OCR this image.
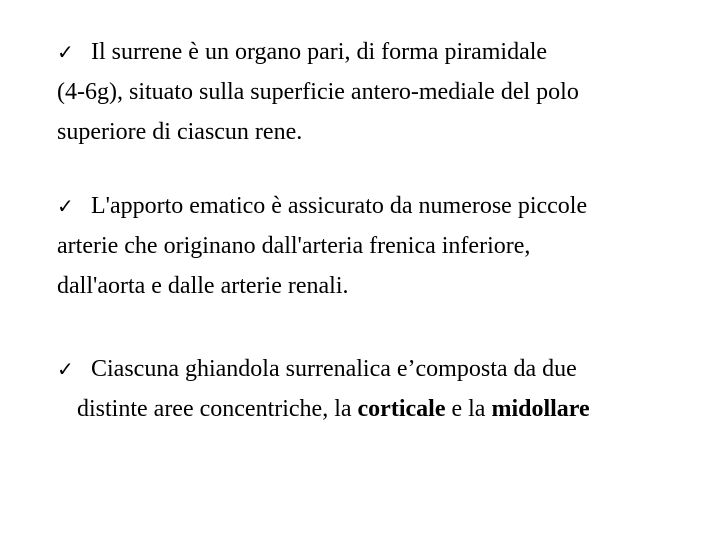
✓ Il surrene è un organo pari, di forma piramidale
(4-6g), situato sulla superficie antero-mediale del polo
superiore di ciascun rene.

✓ L'apporto ematico è assicurato da numerose piccole
arterie che originano dall'arteria frenica inferiore,
dall'aorta e dalle arterie renali.

✓ Ciascuna ghiandola surrenalica e’composta da due
distinte aree concentriche, la corticale e la midollare
